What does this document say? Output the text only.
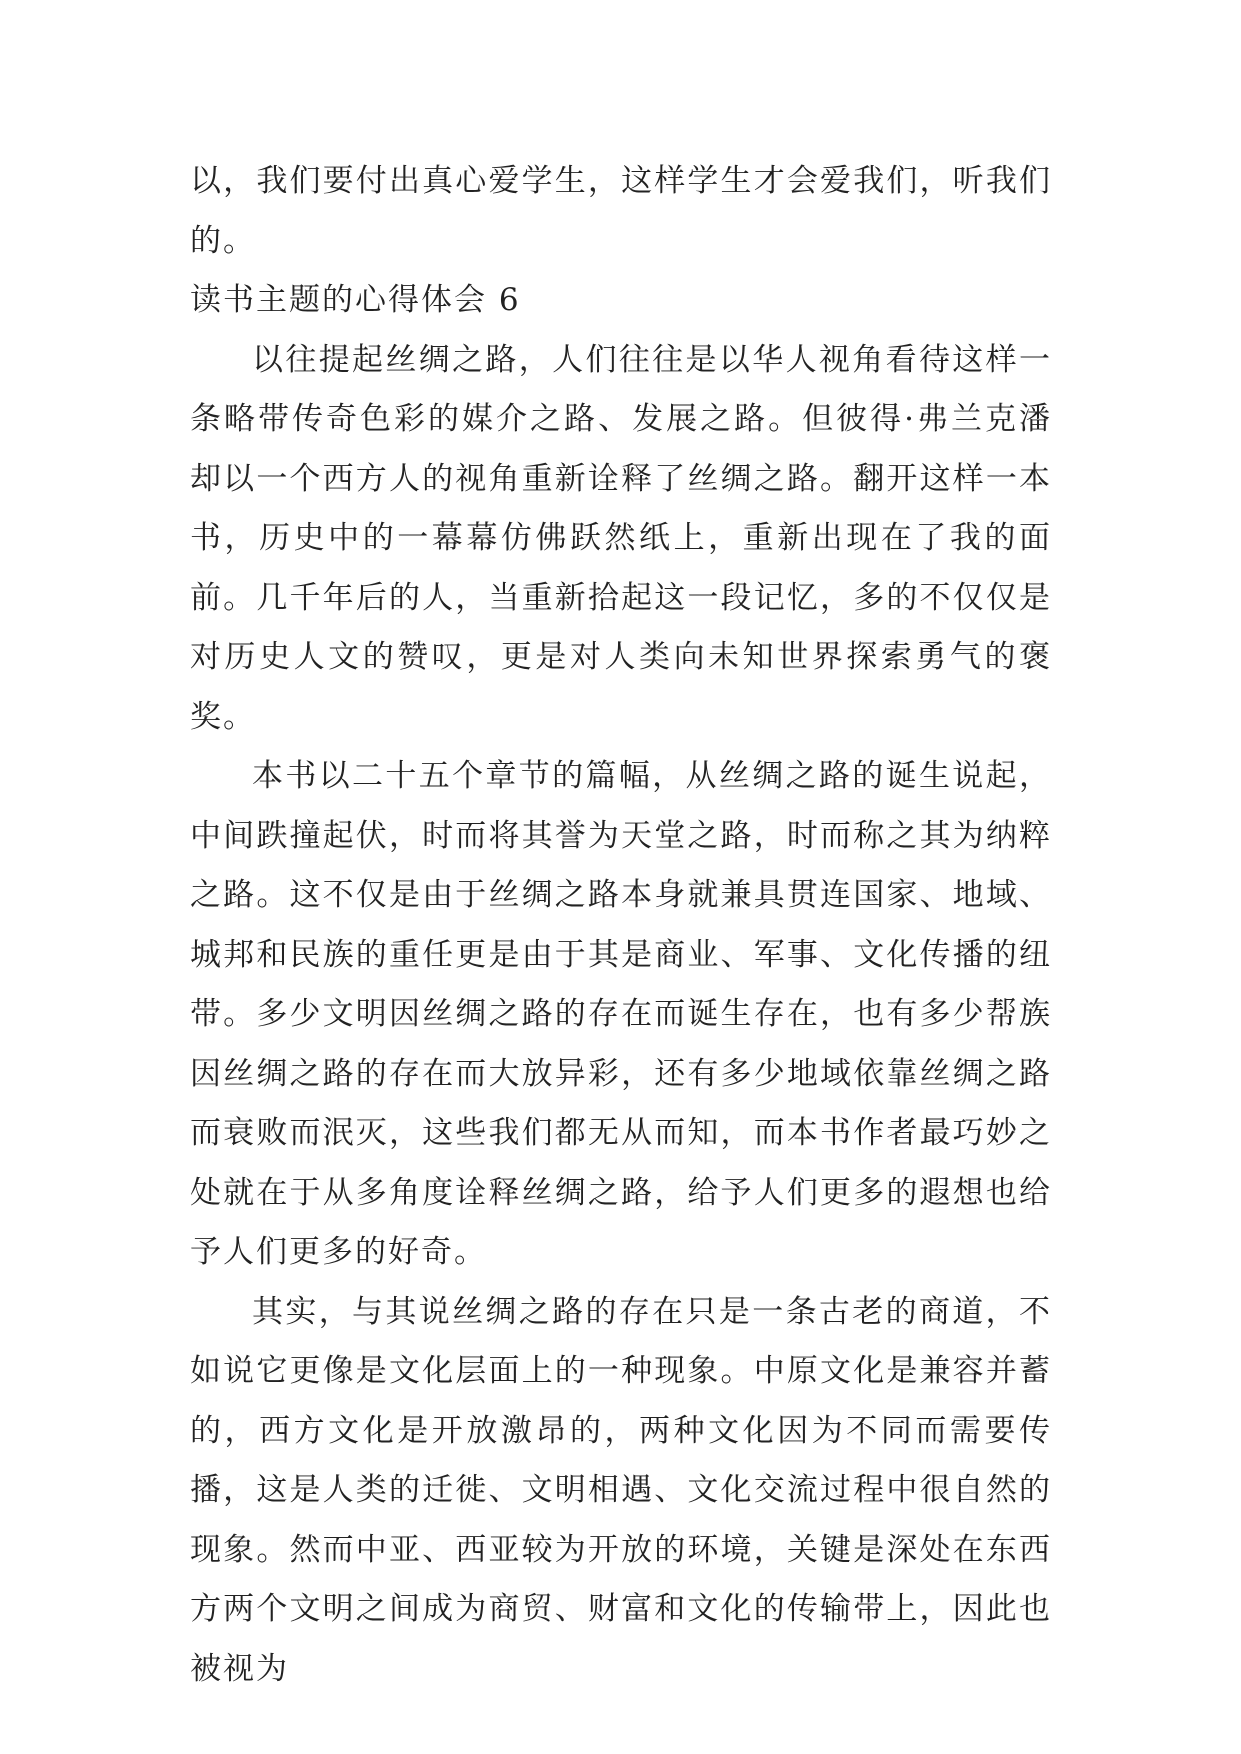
以，我们要付出真心爱学生，这样学生才会爱我们，听我们的。

读书主题的心得体会 6

以往提起丝绸之路，人们往往是以华人视角看待这样一条略带传奇色彩的媒介之路、发展之路。但彼得·弗兰克潘却以一个西方人的视角重新诠释了丝绸之路。翻开这样一本书，历史中的一幕幕仿佛跃然纸上，重新出现在了我的面前。几千年后的人，当重新拾起这一段记忆，多的不仅仅是对历史人文的赞叹，更是对人类向未知世界探索勇气的褒奖。

本书以二十五个章节的篇幅，从丝绸之路的诞生说起，中间跌撞起伏，时而将其誉为天堂之路，时而称之其为纳粹之路。这不仅是由于丝绸之路本身就兼具贯连国家、地域、城邦和民族的重任更是由于其是商业、军事、文化传播的纽带。多少文明因丝绸之路的存在而诞生存在，也有多少帮族因丝绸之路的存在而大放异彩，还有多少地域依靠丝绸之路而衰败而泯灭，这些我们都无从而知，而本书作者最巧妙之处就在于从多角度诠释丝绸之路，给予人们更多的遐想也给予人们更多的好奇。

其实，与其说丝绸之路的存在只是一条古老的商道，不如说它更像是文化层面上的一种现象。中原文化是兼容并蓄的，西方文化是开放激昂的，两种文化因为不同而需要传播，这是人类的迁徙、文明相遇、文化交流过程中很自然的现象。然而中亚、西亚较为开放的环境，关键是深处在东西方两个文明之间成为商贸、财富和文化的传输带上，因此也被视为
